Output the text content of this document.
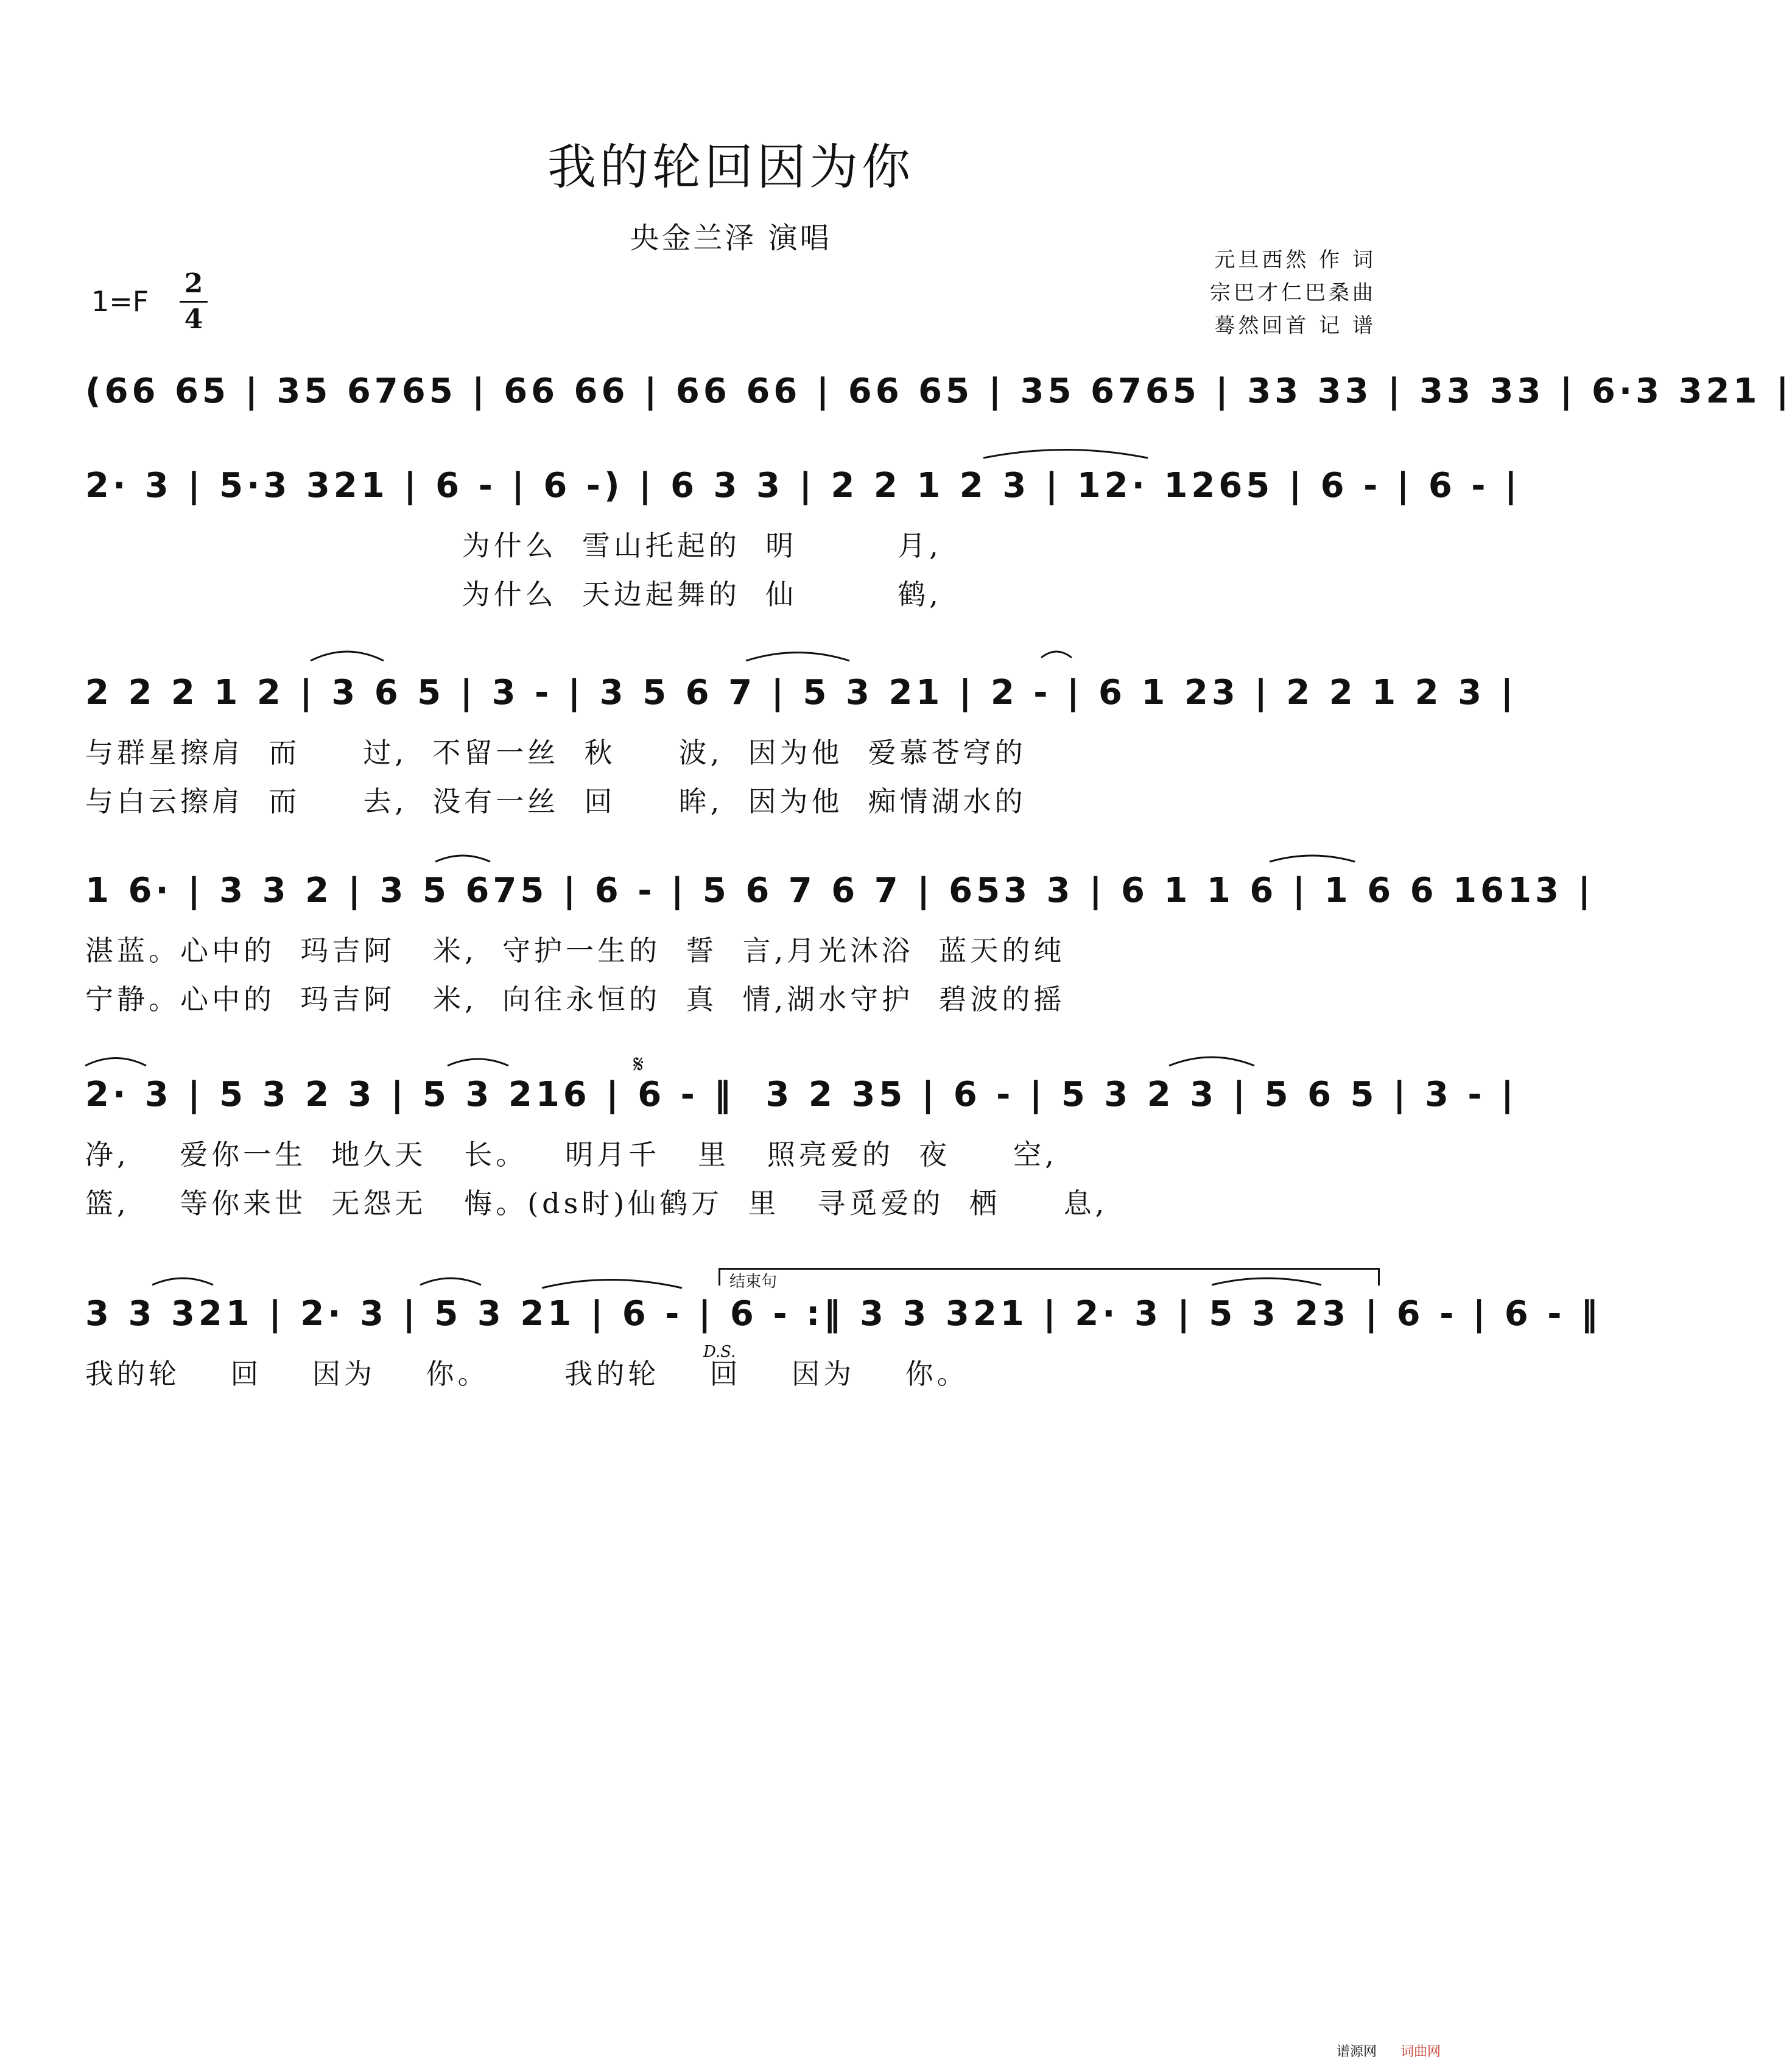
我的轮回因为你
央金兰泽 演唱
元旦西然 作 词
宗巴才仁巴桑曲
蓦然回首 记 谱
1=F
2
4
(66 65 | 35 6765 | 66 66 | 66 66 | 66 65 | 35 6765 | 33 33 | 33 33 | 6·3 321 |
2· 3 | 5·3 321 | 6 - | 6 -) | 6 3 3 | 2 2 1 2 3 | 12· 1265 | 6 - | 6 - |
为什么  雪山托起的  明        月,
为什么  天边起舞的  仙        鹤,
2 2 2 1 2 | 3 6 5 | 3 - | 3 5 6 7 | 5 3 21 | 2 - | 6 1 23 | 2 2 1 2 3 |
与群星擦肩  而     过,  不留一丝  秋     波,  因为他  爱慕苍穹的
与白云擦肩  而     去,  没有一丝  回     眸,  因为他  痴情湖水的
1 6· | 3 3 2 | 3 5 675 | 6 - | 5 6 7 6 7 | 653 3 | 6 1 1 6 | 1 6 6 1613 |
湛蓝。心中的  玛吉阿   米,  守护一生的  誓  言,月光沐浴  蓝天的纯
宁静。心中的  玛吉阿   米,  向往永恒的  真  情,湖水守护  碧波的摇
2· 3 | 5 3 2 3 | 5 3 216 | 6 - ‖  3 2 35 | 6 - | 5 3 2 3 | 5 6 5 | 3 - |
净,    爱你一生  地久天   长。   明月千   里   照亮爱的  夜     空,
篮,    等你来世  无怨无   悔。(ds时)仙鹤万  里   寻觅爱的  栖     息,
𝄋
结束句
3 3 321 | 2· 3 | 5 3 21 | 6 - | 6 - :‖ 3 3 321 | 2· 3 | 5 3 23 | 6 - | 6 - ‖
我的轮    回    因为    你。      我的轮    回    因为    你。
D.S.
谱源网 词曲网
